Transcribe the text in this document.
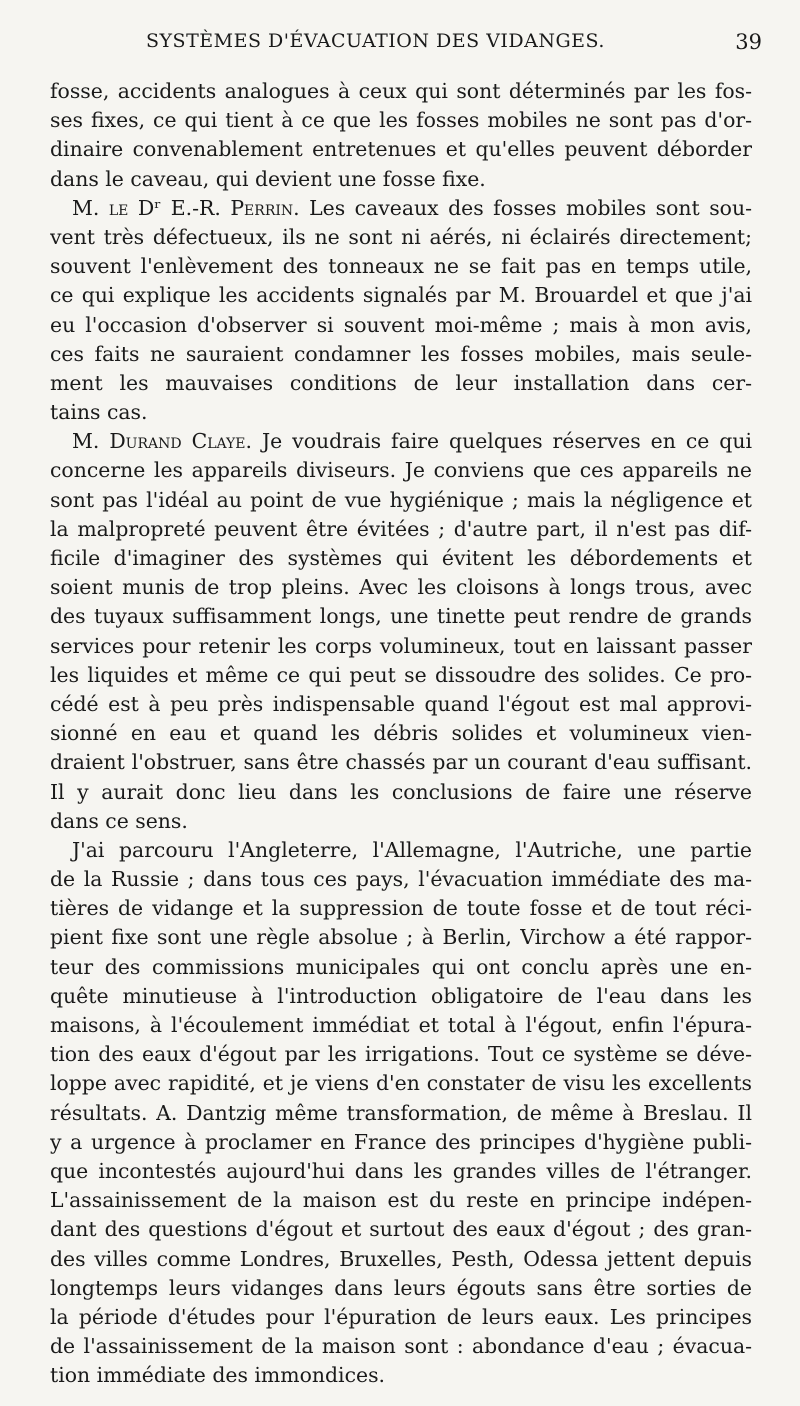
SYSTÈMES D'ÉVACUATION DES VIDANGES.	39
fosse, accidents analogues à ceux qui sont déterminés par les fos-
ses fixes, ce qui tient à ce que les fosses mobiles ne sont pas d'or-
dinaire convenablement entretenues et qu'elles peuvent déborder
dans le caveau, qui devient une fosse fixe.
M. le Dʳ E.-R. Perrin. Les caveaux des fosses mobiles sont sou-
vent très défectueux, ils ne sont ni aérés, ni éclairés directement;
souvent l'enlèvement des tonneaux ne se fait pas en temps utile,
ce qui explique les accidents signalés par M. Brouardel et que j'ai
eu l'occasion d'observer si souvent moi-même ; mais à mon avis,
ces faits ne sauraient condamner les fosses mobiles, mais seule-
ment les mauvaises conditions de leur installation dans cer-
tains cas.
M. Durand Claye. Je voudrais faire quelques réserves en ce qui
concerne les appareils diviseurs. Je conviens que ces appareils ne
sont pas l'idéal au point de vue hygiénique ; mais la négligence et
la malpropreté peuvent être évitées ; d'autre part, il n'est pas dif-
ficile d'imaginer des systèmes qui évitent les débordements et
soient munis de trop pleins. Avec les cloisons à longs trous, avec
des tuyaux suffisamment longs, une tinette peut rendre de grands
services pour retenir les corps volumineux, tout en laissant passer
les liquides et même ce qui peut se dissoudre des solides. Ce pro-
cédé est à peu près indispensable quand l'égout est mal approvi-
sionné en eau et quand les débris solides et volumineux vien-
draient l'obstruer, sans être chassés par un courant d'eau suffisant.
Il y aurait donc lieu dans les conclusions de faire une réserve
dans ce sens.
J'ai parcouru l'Angleterre, l'Allemagne, l'Autriche, une partie
de la Russie ; dans tous ces pays, l'évacuation immédiate des ma-
tières de vidange et la suppression de toute fosse et de tout réci-
pient fixe sont une règle absolue ; à Berlin, Virchow a été rappor-
teur des commissions municipales qui ont conclu après une en-
quête minutieuse à l'introduction obligatoire de l'eau dans les
maisons, à l'écoulement immédiat et total à l'égout, enfin l'épura-
tion des eaux d'égout par les irrigations. Tout ce système se déve-
loppe avec rapidité, et je viens d'en constater de visu les excellents
résultats. A. Dantzig même transformation, de même à Breslau. Il
y a urgence à proclamer en France des principes d'hygiène publi-
que incontestés aujourd'hui dans les grandes villes de l'étranger.
L'assainissement de la maison est du reste en principe indépen-
dant des questions d'égout et surtout des eaux d'égout ; des gran-
des villes comme Londres, Bruxelles, Pesth, Odessa jettent depuis
longtemps leurs vidanges dans leurs égouts sans être sorties de
la période d'études pour l'épuration de leurs eaux. Les principes
de l'assainissement de la maison sont : abondance d'eau ; évacua-
tion immédiate des immondices.
